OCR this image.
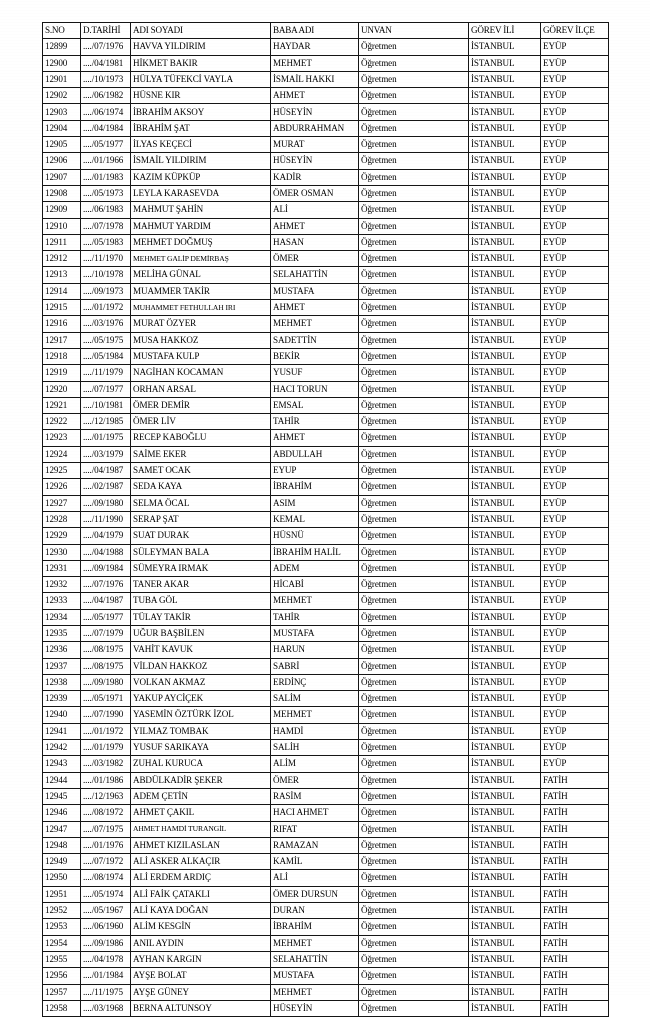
S.NO	D.TARİHİ	ADI SOYADI	BABA ADI	UNVAN	GÖREV İLİ	GÖREV İLÇE
12899	..../07/1976	HAVVA YILDIRIM	HAYDAR	Öğretmen	İSTANBUL	EYÜP
12900	..../04/1981	HİKMET BAKIR	MEHMET	Öğretmen	İSTANBUL	EYÜP
12901	..../10/1973	HÜLYA TÜFEKCİ VAYLA	İSMAİL HAKKI	Öğretmen	İSTANBUL	EYÜP
12902	..../06/1982	HÜSNE KIR	AHMET	Öğretmen	İSTANBUL	EYÜP
12903	..../06/1974	İBRAHİM AKSOY	HÜSEYİN	Öğretmen	İSTANBUL	EYÜP
12904	..../04/1984	İBRAHİM ŞAT	ABDURRAHMAN	Öğretmen	İSTANBUL	EYÜP
12905	..../05/1977	İLYAS KEÇECİ	MURAT	Öğretmen	İSTANBUL	EYÜP
12906	..../01/1966	İSMAİL YILDIRIM	HÜSEYİN	Öğretmen	İSTANBUL	EYÜP
12907	..../01/1983	KAZIM KÜPKÜP	KADİR	Öğretmen	İSTANBUL	EYÜP
12908	..../05/1973	LEYLA KARASEVDA	ÖMER OSMAN	Öğretmen	İSTANBUL	EYÜP
12909	..../06/1983	MAHMUT ŞAHİN	ALİ	Öğretmen	İSTANBUL	EYÜP
12910	..../07/1978	MAHMUT YARDIM	AHMET	Öğretmen	İSTANBUL	EYÜP
12911	..../05/1983	MEHMET DOĞMUŞ	HASAN	Öğretmen	İSTANBUL	EYÜP
12912	..../11/1970	MEHMET GALİP DEMİRBAŞ	ÖMER	Öğretmen	İSTANBUL	EYÜP
12913	..../10/1978	MELİHA GÜNAL	SELAHATTİN	Öğretmen	İSTANBUL	EYÜP
12914	..../09/1973	MUAMMER TAKİR	MUSTAFA	Öğretmen	İSTANBUL	EYÜP
12915	..../01/1972	MUHAMMET FETHULLAH IRI	AHMET	Öğretmen	İSTANBUL	EYÜP
12916	..../03/1976	MURAT ÖZYER	MEHMET	Öğretmen	İSTANBUL	EYÜP
12917	..../05/1975	MUSA HAKKOZ	SADETTİN	Öğretmen	İSTANBUL	EYÜP
12918	..../05/1984	MUSTAFA KULP	BEKİR	Öğretmen	İSTANBUL	EYÜP
12919	..../11/1979	NAGİHAN KOCAMAN	YUSUF	Öğretmen	İSTANBUL	EYÜP
12920	..../07/1977	ORHAN ARSAL	HACI TORUN	Öğretmen	İSTANBUL	EYÜP
12921	..../10/1981	ÖMER DEMİR	EMSAL	Öğretmen	İSTANBUL	EYÜP
12922	..../12/1985	ÖMER LİV	TAHİR	Öğretmen	İSTANBUL	EYÜP
12923	..../01/1975	RECEP KABOĞLU	AHMET	Öğretmen	İSTANBUL	EYÜP
12924	..../03/1979	SAİME EKER	ABDULLAH	Öğretmen	İSTANBUL	EYÜP
12925	..../04/1987	SAMET OCAK	EYUP	Öğretmen	İSTANBUL	EYÜP
12926	..../02/1987	SEDA KAYA	İBRAHİM	Öğretmen	İSTANBUL	EYÜP
12927	..../09/1980	SELMA ÖCAL	ASIM	Öğretmen	İSTANBUL	EYÜP
12928	..../11/1990	SERAP ŞAT	KEMAL	Öğretmen	İSTANBUL	EYÜP
12929	..../04/1979	SUAT DURAK	HÜSNÜ	Öğretmen	İSTANBUL	EYÜP
12930	..../04/1988	SÜLEYMAN BALA	İBRAHİM HALİL	Öğretmen	İSTANBUL	EYÜP
12931	..../09/1984	SÜMEYRA IRMAK	ADEM	Öğretmen	İSTANBUL	EYÜP
12932	..../07/1976	TANER AKAR	HİCABİ	Öğretmen	İSTANBUL	EYÜP
12933	..../04/1987	TUBA GÖL	MEHMET	Öğretmen	İSTANBUL	EYÜP
12934	..../05/1977	TÜLAY TAKİR	TAHİR	Öğretmen	İSTANBUL	EYÜP
12935	..../07/1979	UĞUR BAŞBİLEN	MUSTAFA	Öğretmen	İSTANBUL	EYÜP
12936	..../08/1975	VAHİT KAVUK	HARUN	Öğretmen	İSTANBUL	EYÜP
12937	..../08/1975	VİLDAN HAKKOZ	SABRİ	Öğretmen	İSTANBUL	EYÜP
12938	..../09/1980	VOLKAN AKMAZ	ERDİNÇ	Öğretmen	İSTANBUL	EYÜP
12939	..../05/1971	YAKUP AYCİÇEK	SALİM	Öğretmen	İSTANBUL	EYÜP
12940	..../07/1990	YASEMİN ÖZTÜRK İZOL	MEHMET	Öğretmen	İSTANBUL	EYÜP
12941	..../01/1972	YILMAZ TOMBAK	HAMDİ	Öğretmen	İSTANBUL	EYÜP
12942	..../01/1979	YUSUF SARIKAYA	SALİH	Öğretmen	İSTANBUL	EYÜP
12943	..../03/1982	ZUHAL KURUCA	ALİM	Öğretmen	İSTANBUL	EYÜP
12944	..../01/1986	ABDÜLKADİR ŞEKER	ÖMER	Öğretmen	İSTANBUL	FATİH
12945	..../12/1963	ADEM ÇETİN	RASİM	Öğretmen	İSTANBUL	FATİH
12946	..../08/1972	AHMET ÇAKIL	HACI AHMET	Öğretmen	İSTANBUL	FATİH
12947	..../07/1975	AHMET HAMDİ TURANGİL	RIFAT	Öğretmen	İSTANBUL	FATİH
12948	..../01/1976	AHMET KIZILASLAN	RAMAZAN	Öğretmen	İSTANBUL	FATİH
12949	..../07/1972	ALİ ASKER ALKAÇIR	KAMİL	Öğretmen	İSTANBUL	FATİH
12950	..../08/1974	ALİ ERDEM ARDIÇ	ALİ	Öğretmen	İSTANBUL	FATİH
12951	..../05/1974	ALİ FAİK ÇATAKLI	ÖMER DURSUN	Öğretmen	İSTANBUL	FATİH
12952	..../05/1967	ALİ KAYA DOĞAN	DURAN	Öğretmen	İSTANBUL	FATİH
12953	..../06/1960	ALİM KESGİN	İBRAHİM	Öğretmen	İSTANBUL	FATİH
12954	..../09/1986	ANIL AYDIN	MEHMET	Öğretmen	İSTANBUL	FATİH
12955	..../04/1978	AYHAN KARGIN	SELAHATTİN	Öğretmen	İSTANBUL	FATİH
12956	..../01/1984	AYŞE BOLAT	MUSTAFA	Öğretmen	İSTANBUL	FATİH
12957	..../11/1975	AYŞE GÜNEY	MEHMET	Öğretmen	İSTANBUL	FATİH
12958	..../03/1968	BERNA ALTUNSOY	HÜSEYİN	Öğretmen	İSTANBUL	FATİH
